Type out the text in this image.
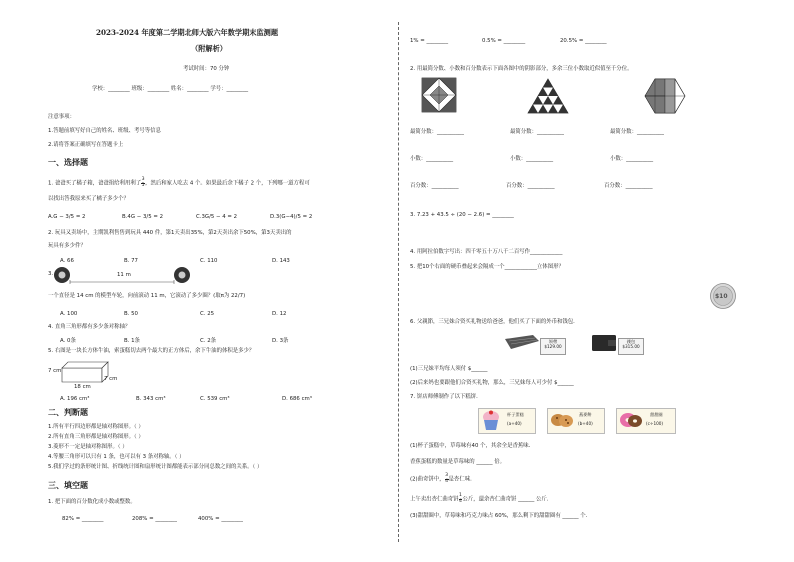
2023-2024 年度第二学期北师大版六年数学期末监测题
（附解析）
考试时间：70 分钟
学校：________ 班级：________ 姓名：________ 学号：________
注意事项：
1.答题前填写好自己的姓名、班级、考号等信息
2.请将答案正确填写在答题卡上
一、选择题
1. 爸爸买了橘子箱，爸爸捐给利用利了 $\frac{3}{5}$ ，然后和家人吃去 4 个。如果最后余下橘子 2 个，下列哪一道方程可
以找出答我原来买了橘子多少个？
A.G − 3/5 = 2	B.4G − 3/5 = 2	C.3G/5 − 4 = 2	D.3(G−4)/5 = 2
2. 玩具又卖场中，主期凯利售售到玩具 440 件，第1天卖出35%，第2天卖出余下50%，第3天卖出的
玩具有多少件？
A. 66	B. 77	C. 110	D. 143
3.	11 m
一个直径是 14 cm 的模型车轮，向前滚动 11 m，它滚动了多少圈？(取π为 22/7)
A. 100	B. 50	C. 25	D. 12
4. 直角三角形都有多少条对称轴？
A. 0条	B. 1条	C. 2条	D. 3条
5. 右图是一块长方体牛油，索蛋糕切去两个最大的正方体后，余下牛油的体积是多少？
7 cm
7 cm
18 cm
A. 196 cm³	B. 343 cm³	C. 539 cm³	D. 686 cm³
二、判断题
1.所有平行四边形都是轴对称图形。（ ）
2.所有直角三角形都是轴对称图形。（ ）
3.菱形不一定是轴对称图形。（ ）
4.等腰三角形可以只有 1 条，也可以有 3 条对称轴。（ ）
5.我们学过的条形统计图、折线统计图和扇形统计图都能表示部分同总数之间的关系。（ ）
三、填空题
1. 把下面的百分数化成小数或整数。
82% = ________	208% = ________	400% = ________
1% = ________	0.5% = ________	20.5% = ________
2. 用最简分数、小数和百分数表示下面各图中的阴影部分，多余三位小数取近似值至千分位。
最简分数：__________	最简分数：__________	最简分数：__________
小数：__________	小数：__________	小数：__________
百分数：__________	百分数：__________	百分数：__________
3. 7.23 + 43.5 ÷ (20 − 2.6) = ________
4. 用阿拉伯数字写出：四千零五十万八千二百写作____________
5. 把10个右面的硬币叠起来会隔成一个____________立体图形？
$10
6. 父親節，三兄妹合资买礼物送给爸爸，他们买了下面的外币和钱包．
領帶
$129.00
錢包
$315.00
(1)三兄妹平均每人须付 $______
(2)后来妈也要跟他们合资买礼物，那么，三兄妹每人可少付 $______
7. 饼店师傅制作了以下糕饼．
杯子蛋糕
(a÷40)
燕麥餅
(b÷40)
甜甜圈
(c÷100)
(1)杯子蛋糕中，草莓味有40 个，其余全是香蕉味．
香蕉蛋糕的数量是草莓味的 ______ 倍。
(2)曲奇饼中， $\frac{3}{4}$ 是杏仁味．
上午卖出杏仁曲奇饼 $\frac{1}{4}$ 公斤，還余杏仁曲奇饼 ______ 公斤．
(3)甜甜圈中，草莓味和巧克力味占 60%，那么剩下的甜甜圈有 ______ 个．
